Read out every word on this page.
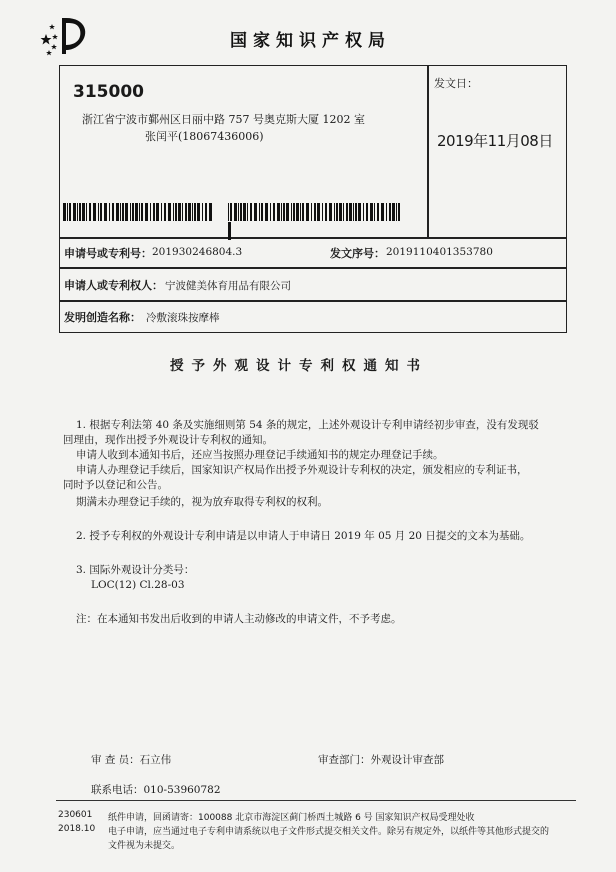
国家知识产权局
315000
浙江省宁波市鄞州区日丽中路 757 号奥克斯大厦 1202 室
张闰平(18067436006)
发文日：
2019年11月08日
申请号或专利号： 201930246804.3	发文序号： 2019110401353780
申请人或专利权人： 宁波健美体育用品有限公司
发明创造名称： 冷敷滚珠按摩棒
授予外观设计专利权通知书
1. 根据专利法第 40 条及实施细则第 54 条的规定，上述外观设计专利申请经初步审查，没有发现驳
回理由，现作出授予外观设计专利权的通知。
申请人收到本通知书后，还应当按照办理登记手续通知书的规定办理登记手续。
申请人办理登记手续后，国家知识产权局作出授予外观设计专利权的决定，颁发相应的专利证书，
同时予以登记和公告。
期满未办理登记手续的，视为放弃取得专利权的权利。
2. 授予专利权的外观设计专利申请是以申请人于申请日 2019 年 05 月 20 日提交的文本为基础。
3. 国际外观设计分类号：
LOC(12) Cl.28-03
注：在本通知书发出后收到的申请人主动修改的申请文件，不予考虑。
审 查 员：石立伟	审查部门：外观设计审查部
联系电话：010-53960782
230601
2018.10
纸件申请，回函请寄：100088 北京市海淀区蓟门桥西土城路 6 号 国家知识产权局受理处收
电子申请，应当通过电子专利申请系统以电子文件形式提交相关文件。除另有规定外，以纸件等其他形式提交的
文件视为未提交。
